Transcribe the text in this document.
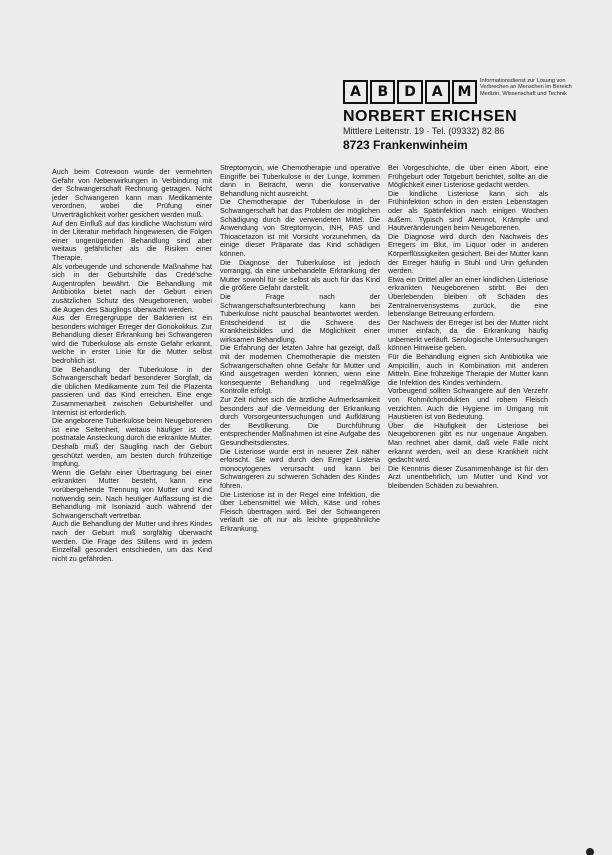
A	B	D	A	M
Informationsdienst zur Lösung von Verbrechen an Menschen im Bereich Medizin, Wissenschaft und Technik
NORBERT ERICHSEN
Mittlere Leitenstr. 19 · Tel. (09332) 82 86
8723 Frankenwinheim

Auch beim Cotrexoon wurde der vermehrten Gefahr von Nebenwirkungen in Verbindung mit der Schwangerschaft Rechnung getragen. Nicht jeder Schwangeren kann man Medikamente verordnen, wobei die Prüfung einer Unverträglichkeit vorher gesichert werden muß.

Auf den Einfluß auf das kindliche Wachstum wird in der Literatur mehrfach hingewiesen, die Folgen einer ungenügenden Behandlung sind aber weitaus gefährlicher als die Risiken einer Therapie.

Als vorbeugende und schonende Maßnahme hat sich in der Geburtshilfe das Credé'sche Augentropfen bewährt. Die Behandlung mit Antibiotika bietet nach der Geburt einen zusätzlichen Schutz des Neugeborenen, wobei die Augen des Säuglings überwacht werden.

Aus der Erregergruppe der Bakterien ist ein besonders wichtiger Erreger der Gonokokkus. Zur Behandlung dieser Erkrankung bei Schwangeren wird die Tuberkulose als ernste Gefahr erkannt, welche in erster Linie für die Mutter selbst bedrohlich ist.

Die Behandlung der Tuberkulose in der Schwangerschaft bedarf besonderer Sorgfalt, da die üblichen Medikamente zum Teil die Plazenta passieren und das Kind erreichen. Eine enge Zusammenarbeit zwischen Geburtshelfer und Internist ist erforderlich.

Die angeborene Tuberkulose beim Neugeborenen ist eine Seltenheit, weitaus häufiger ist die postnatale Ansteckung durch die erkrankte Mutter. Deshalb muß der Säugling nach der Geburt geschützt werden, am besten durch frühzeitige Impfung.

Wenn die Gefahr einer Übertragung bei einer erkrankten Mutter besteht, kann eine vorübergehende Trennung von Mutter und Kind notwendig sein. Nach heutiger Auffassung ist die Behandlung mit Isoniazid auch während der Schwangerschaft vertretbar.

Auch die Behandlung der Mutter und ihres Kindes nach der Geburt muß sorgfältig überwacht werden. Die Frage des Stillens wird in jedem Einzelfall gesondert entschieden, um das Kind nicht zu gefährden.

Streptomycin, wie Chemotherapie und operative Eingriffe bei Tuberkulose in der Lunge, kommen dann in Betracht, wenn die konservative Behandlung nicht ausreicht.

Die Chemotherapie der Tuberkulose in der Schwangerschaft hat das Problem der möglichen Schädigung durch die verwendeten Mittel. Die Anwendung von Streptomycin, INH, PAS und Thioacetazon ist mit Vorsicht vorzunehmen, da einige dieser Präparate das Kind schädigen können.

Die Diagnose der Tuberkulose ist jedoch vorrangig, da eine unbehandelte Erkrankung der Mutter sowohl für sie selbst als auch für das Kind die größere Gefahr darstellt.

Die Frage nach der Schwangerschaftsunterbrechung kann bei Tuberkulose nicht pauschal beantwortet werden. Entscheidend ist die Schwere des Krankheitsbildes und die Möglichkeit einer wirksamen Behandlung.

Die Erfahrung der letzten Jahre hat gezeigt, daß mit der modernen Chemotherapie die meisten Schwangerschaften ohne Gefahr für Mutter und Kind ausgetragen werden können, wenn eine konsequente Behandlung und regelmäßige Kontrolle erfolgt.

Zur Zeit richtet sich die ärztliche Aufmerksamkeit besonders auf die Vermeidung der Erkrankung durch Vorsorgeuntersuchungen und Aufklärung der Bevölkerung. Die Durchführung entsprechender Maßnahmen ist eine Aufgabe des Gesundheitsdienstes.

Die Listeriose wurde erst in neuerer Zeit näher erforscht. Sie wird durch den Erreger Listeria monocytogenes verursacht und kann bei Schwangeren zu schweren Schäden des Kindes führen.

Die Listeriose ist in der Regel eine Infektion, die über Lebensmittel wie Milch, Käse und rohes Fleisch übertragen wird. Bei der Schwangeren verläuft sie oft nur als leichte grippeähnliche Erkrankung.

Bei Vorgeschichte, die über einen Abort, eine Frühgeburt oder Totgeburt berichtet, sollte an die Möglichkeit einer Listeriose gedacht werden.

Die kindliche Listeriose kann sich als Frühinfektion schon in den ersten Lebenstagen oder als Spätinfektion nach einigen Wochen äußern. Typisch sind Atemnot, Krämpfe und Hautveränderungen beim Neugeborenen.

Die Diagnose wird durch den Nachweis des Erregers im Blut, im Liquor oder in anderen Körperflüssigkeiten gesichert. Bei der Mutter kann der Erreger häufig in Stuhl und Urin gefunden werden.

Etwa ein Drittel aller an einer kindlichen Listeriose erkrankten Neugeborenen stirbt. Bei den Überlebenden bleiben oft Schäden des Zentralnervensystems zurück, die eine lebenslange Betreuung erfordern.

Der Nachweis der Erreger ist bei der Mutter nicht immer einfach, da die Erkrankung häufig unbemerkt verläuft. Serologische Untersuchungen können Hinweise geben.

Für die Behandlung eignen sich Antibiotika wie Ampicillin, auch in Kombination mit anderen Mitteln. Eine frühzeitige Therapie der Mutter kann die Infektion des Kindes verhindern.

Vorbeugend sollten Schwangere auf den Verzehr von Rohmilchprodukten und rohem Fleisch verzichten. Auch die Hygiene im Umgang mit Haustieren ist von Bedeutung.

Über die Häufigkeit der Listeriose bei Neugeborenen gibt es nur ungenaue Angaben. Man rechnet aber damit, daß viele Fälle nicht erkannt werden, weil an diese Krankheit nicht gedacht wird.

Die Kenntnis dieser Zusammenhänge ist für den Arzt unentbehrlich, um Mutter und Kind vor bleibenden Schäden zu bewahren.
